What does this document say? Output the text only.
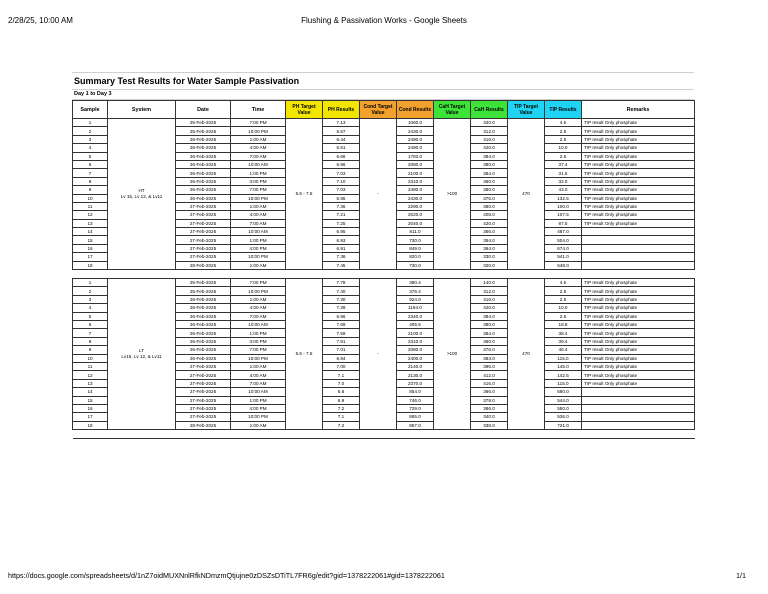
2/28/25, 10:00 AM	Flushing & Passivation Works - Google Sheets
Summary Test Results for Water Sample Passivation
Day 1 to Day 3
Sample	System	Date	Time	PH Target Value	PH Results	Cond Target Value	Cond Results	CaH Target Value	CaH Results	TIP Target Value	TIP Results	Remarks
1	HT
Lv 15, Lv 12, & Lv11	25-Feb-2025	7:00 PM	6.5 - 7.5	7.13	-	1060.0	>100	340.0	470	4.5	TIP result Only phosphate
2		25-Feb-2025	10:00 PM		8.67		2430.0		312.0		2.5	TIP result Only phosphate
3		26-Feb-2025	1:00 AM		6.44		2490.0		416.0		2.5	TIP result Only phosphate
4		26-Feb-2025	4:00 AM		6.61		2490.0		420.0		10.0	TIP result Only phosphate
5		26-Feb-2025	7:00 AM		6.68		1783.0		384.0		2.5	TIP result Only phosphate
6		26-Feb-2025	10:00 AM		6.96		2080.0		380.0		37.4	TIP result Only phosphate
7		26-Feb-2025	1:00 PM		7.03		2100.0		384.0		31.6	TIP result Only phosphate
8		26-Feb-2025	3:00 PM		7.10		2310.0		360.0		32.0	TIP result Only phosphate
9		26-Feb-2025	7:00 PM		7.03		2480.0		380.0		43.0	TIP result Only phosphate
10		26-Feb-2025	10:00 PM		6.95		2430.0		376.0		132.5	TIP result Only phosphate
11		27-Feb-2025	1:00 AM		7.36		2290.0		380.0		100.0	TIP result Only phosphate
12		27-Feb-2025	4:00 AM		7.21		2020.0		408.0		107.5	TIP result Only phosphate
13		27-Feb-2025	7:00 AM		7.25		2040.0		420.0		87.5	TIP result Only phosphate
14		27-Feb-2025	10:00 AM		6.95		811.0		356.0		487.0	
15		27-Feb-2025	1:00 PM		6.93		730.0		354.0		504.0	
16		27-Feb-2025	4:00 PM		6.91		849.0		364.0		674.0	
17		27-Feb-2025	10:00 PM		7.36		820.0		330.0		541.0	
18		28-Feb-2025	1:00 AM		7.45		730.0		320.0		648.0	

1	LT
Lv15, Lv 12, & Lv11	25-Feb-2025	7:00 PM	6.5 - 7.5	7.78	-	380.4	>100	140.0	470	4.5	TIP result Only phosphate
2		25-Feb-2025	10:00 PM		7.40		376.4		312.0		2.5	TIP result Only phosphate
3		26-Feb-2025	1:00 AM		7.30		924.0		416.0		2.5	TIP result Only phosphate
4		26-Feb-2025	4:00 AM		7.39		1194.0		420.0		10.0	TIP result Only phosphate
5		26-Feb-2025	7:00 AM		6.96		2340.0		384.0		2.5	TIP result Only phosphate
6		26-Feb-2025	10:00 AM		7.69		405.5		380.0		18.8	TIP result Only phosphate
7		26-Feb-2025	1:00 PM		7.59		2100.0		384.0		38.4	TIP result Only phosphate
8		26-Feb-2025	3:00 PM		7.61		2310.0		360.0		39.4	TIP result Only phosphate
9		26-Feb-2025	7:00 PM		7.01		2080.0		376.0		46.4	TIP result Only phosphate
10		26-Feb-2025	10:00 PM		6.94		2400.0		384.0		115.0	TIP result Only phosphate
11		27-Feb-2025	1:00 AM		7.00		2140.0		396.0		145.0	TIP result Only phosphate
12		27-Feb-2025	4:00 AM		7.1		2130.0		412.0		142.5	TIP result Only phosphate
13		27-Feb-2025	7:00 AM		7.0		2370.0		416.0		115.0	TIP result Only phosphate
14		27-Feb-2025	10:00 AM		6.8		854.0		366.0		580.0	
15		27-Feb-2025	1:00 PM		6.9		746.0		378.0		544.0	
16		27-Feb-2025	4:00 PM		7.2		729.0		386.0		550.0	
17		27-Feb-2025	10:00 PM		7.1		865.0		340.0		536.0	
18		28-Feb-2025	1:00 AM		7.2		857.0		338.0		721.0	

https://docs.google.com/spreadsheets/d/1nZ7oidMUXNnlRfkNDmzmQtjujne0zDSZsDTiTL7FR6g/edit?gid=1378222061#gid=1378222061	1/1
